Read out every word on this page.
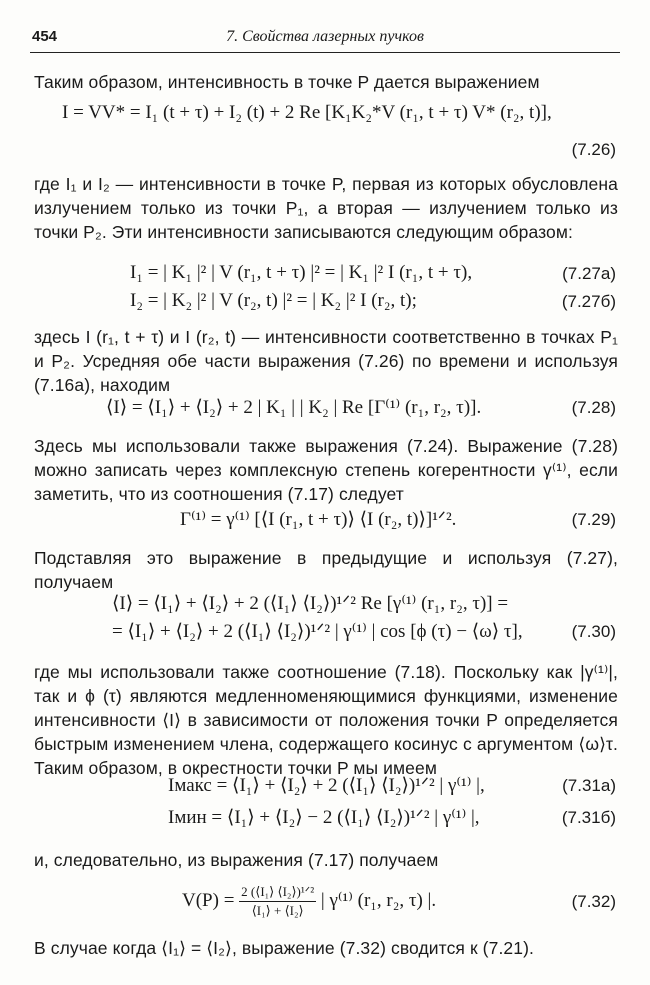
454	7. Свойства лазерных пучков

Таким образом, интенсивность в точке P дается выражением

I = VV* = I₁ (t + τ) + I₂ (t) + 2 Re [K₁K₂*V (r₁, t + τ) V* (r₂, t)],
(7.26)

где I₁ и I₂ — интенсивности в точке P, первая из которых обусловлена излучением только из точки P₁, а вторая — излучением только из точки P₂. Эти интенсивности записываются следующим образом:

I₁ = | K₁ |² | V (r₁, t + τ) |² = | K₁ |² I (r₁, t + τ),	(7.27а)
I₂ = | K₂ |² | V (r₂, t) |² = | K₂ |² I (r₂, t);	(7.27б)

здесь I (r₁, t + τ) и I (r₂, t) — интенсивности соответственно в точках P₁ и P₂. Усредняя обе части выражения (7.26) по времени и используя (7.16а), находим

⟨I⟩ = ⟨I₁⟩ + ⟨I₂⟩ + 2 | K₁ | | K₂ | Re [Γ⁽¹⁾ (r₁, r₂, τ)].	(7.28)

Здесь мы использовали также выражения (7.24). Выражение (7.28) можно записать через комплексную степень когерентности γ⁽¹⁾, если заметить, что из соотношения (7.17) следует

Γ⁽¹⁾ = γ⁽¹⁾ [⟨I (r₁, t + τ)⟩ ⟨I (r₂, t)⟩]¹ᐟ².	(7.29)

Подставляя это выражение в предыдущие и используя (7.27), получаем

⟨I⟩ = ⟨I₁⟩ + ⟨I₂⟩ + 2 (⟨I₁⟩ ⟨I₂⟩)¹ᐟ² Re [γ⁽¹⁾ (r₁, r₂, τ)] =
= ⟨I₁⟩ + ⟨I₂⟩ + 2 (⟨I₁⟩ ⟨I₂⟩)¹ᐟ² | γ⁽¹⁾ | cos [ϕ (τ) − ⟨ω⟩ τ],	(7.30)

где мы использовали также соотношение (7.18). Поскольку как |γ⁽¹⁾|, так и ϕ (τ) являются медленноменяющимися функциями, изменение интенсивности ⟨I⟩ в зависимости от положения точки P определяется быстрым изменением члена, содержащего косинус с аргументом ⟨ω⟩τ. Таким образом, в окрестности точки P мы имеем

Iмакс = ⟨I₁⟩ + ⟨I₂⟩ + 2 (⟨I₁⟩ ⟨I₂⟩)¹ᐟ² | γ⁽¹⁾ |,	(7.31а)
Iмин = ⟨I₁⟩ + ⟨I₂⟩ − 2 (⟨I₁⟩ ⟨I₂⟩)¹ᐟ² | γ⁽¹⁾ |,	(7.31б)

и, следовательно, из выражения (7.17) получаем

$V(P) = \frac{\text{2 (⟨I₁⟩ ⟨I₂⟩)¹ᐟ²}}{\text{⟨I₁⟩ + ⟨I₂⟩}}$ | γ⁽¹⁾ (r₁, r₂, τ) |.	(7.32)

В случае когда ⟨I₁⟩ = ⟨I₂⟩, выражение (7.32) сводится к (7.21).
